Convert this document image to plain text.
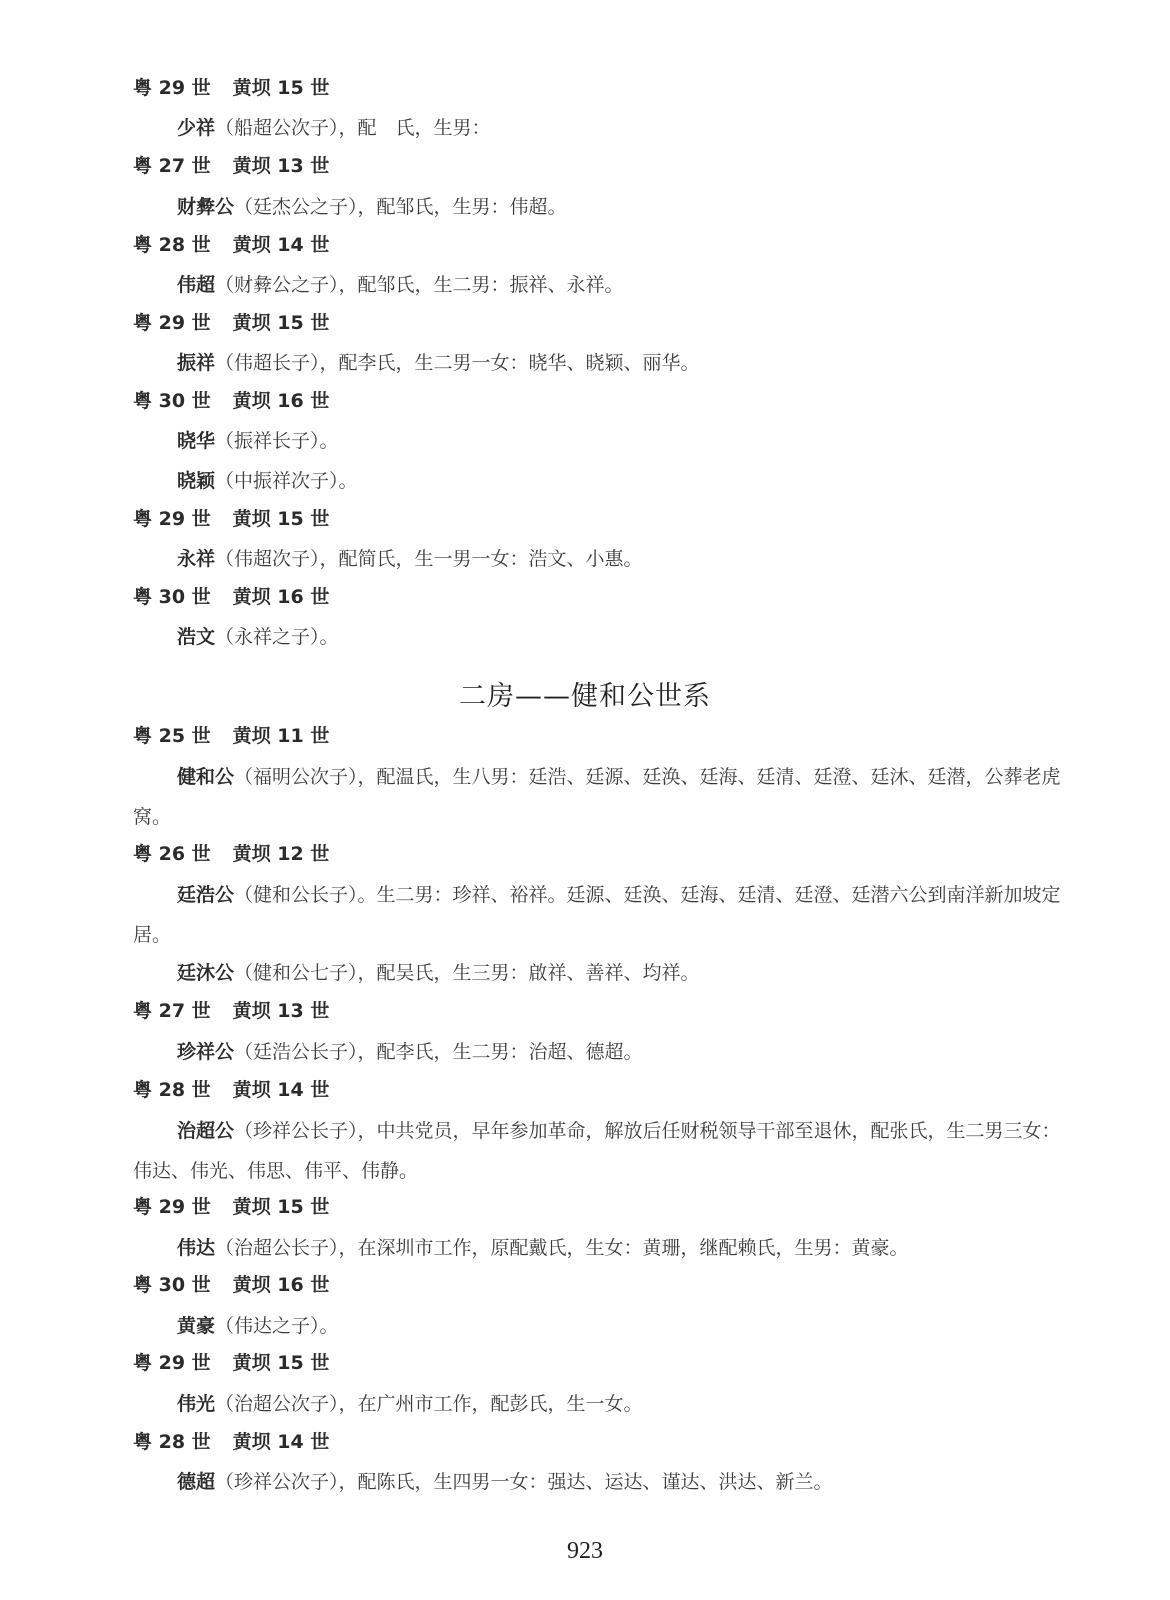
粤 29 世 黄坝 15 世
少祥（船超公次子），配　氏，生男：
粤 27 世 黄坝 13 世
财彜公（廷杰公之子），配邹氏，生男：伟超。
粤 28 世 黄坝 14 世
伟超（财彜公之子），配邹氏，生二男：振祥、永祥。
粤 29 世 黄坝 15 世
振祥（伟超长子），配李氏，生二男一女：晓华、晓颖、丽华。
粤 30 世 黄坝 16 世
晓华（振祥长子）。
晓颖（中振祥次子）。
粤 29 世 黄坝 15 世
永祥（伟超次子），配简氏，生一男一女：浩文、小惠。
粤 30 世 黄坝 16 世
浩文（永祥之子）。
二房——健和公世系
粤 25 世 黄坝 11 世
健和公（福明公次子），配温氏，生八男：廷浩、廷源、廷涣、廷海、廷清、廷澄、廷沐、廷潜，公葬老虎窝。
粤 26 世 黄坝 12 世
廷浩公（健和公长子）。生二男：珍祥、裕祥。廷源、廷涣、廷海、廷清、廷澄、廷潜六公到南洋新加坡定居。
廷沐公（健和公七子），配吴氏，生三男：啟祥、善祥、均祥。
粤 27 世 黄坝 13 世
珍祥公（廷浩公长子），配李氏，生二男：治超、德超。
粤 28 世 黄坝 14 世
治超公（珍祥公长子），中共党员，早年参加革命，解放后任财税领导干部至退休，配张氏，生二男三女：伟达、伟光、伟思、伟平、伟静。
粤 29 世 黄坝 15 世
伟达（治超公长子），在深圳市工作，原配戴氏，生女：黄珊，继配赖氏，生男：黄豪。
粤 30 世 黄坝 16 世
黄豪（伟达之子）。
粤 29 世 黄坝 15 世
伟光（治超公次子），在广州市工作，配彭氏，生一女。
粤 28 世 黄坝 14 世
德超（珍祥公次子），配陈氏，生四男一女：强达、运达、谨达、洪达、新兰。
923
